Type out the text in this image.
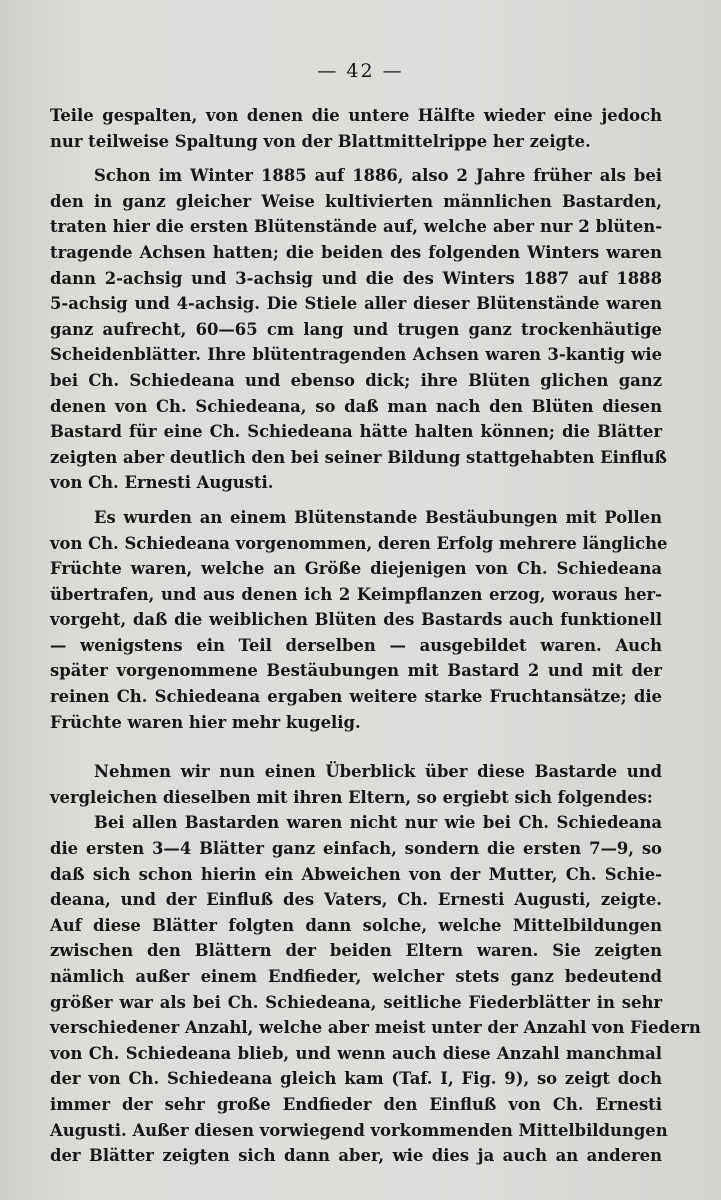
— 42 —
Teile gespalten, von denen die untere Hälfte wieder eine jedoch
nur teilweise Spaltung von der Blattmittelrippe her zeigte.
Schon im Winter 1885 auf 1886, also 2 Jahre früher als bei
den in ganz gleicher Weise kultivierten männlichen Bastarden,
traten hier die ersten Blütenstände auf, welche aber nur 2 blüten-
tragende Achsen hatten; die beiden des folgenden Winters waren
dann 2-achsig und 3-achsig und die des Winters 1887 auf 1888
5-achsig und 4-achsig. Die Stiele aller dieser Blütenstände waren
ganz aufrecht, 60—65 cm lang und trugen ganz trockenhäutige
Scheidenblätter. Ihre blütentragenden Achsen waren 3-kantig wie
bei Ch. Schiedeana und ebenso dick; ihre Blüten glichen ganz
denen von Ch. Schiedeana, so daß man nach den Blüten diesen
Bastard für eine Ch. Schiedeana hätte halten können; die Blätter
zeigten aber deutlich den bei seiner Bildung stattgehabten Einfluß
von Ch. Ernesti Augusti.
Es wurden an einem Blütenstande Bestäubungen mit Pollen
von Ch. Schiedeana vorgenommen, deren Erfolg mehrere längliche
Früchte waren, welche an Größe diejenigen von Ch. Schiedeana
übertrafen, und aus denen ich 2 Keimpflanzen erzog, woraus her-
vorgeht, daß die weiblichen Blüten des Bastards auch funktionell
— wenigstens ein Teil derselben — ausgebildet waren. Auch
später vorgenommene Bestäubungen mit Bastard 2 und mit der
reinen Ch. Schiedeana ergaben weitere starke Fruchtansätze; die
Früchte waren hier mehr kugelig.
Nehmen wir nun einen Überblick über diese Bastarde und
vergleichen dieselben mit ihren Eltern, so ergiebt sich folgendes:
Bei allen Bastarden waren nicht nur wie bei Ch. Schiedeana
die ersten 3—4 Blätter ganz einfach, sondern die ersten 7—9, so
daß sich schon hierin ein Abweichen von der Mutter, Ch. Schie-
deana, und der Einfluß des Vaters, Ch. Ernesti Augusti, zeigte.
Auf diese Blätter folgten dann solche, welche Mittelbildungen
zwischen den Blättern der beiden Eltern waren. Sie zeigten
nämlich außer einem Endfieder, welcher stets ganz bedeutend
größer war als bei Ch. Schiedeana, seitliche Fiederblätter in sehr
verschiedener Anzahl, welche aber meist unter der Anzahl von Fiedern
von Ch. Schiedeana blieb, und wenn auch diese Anzahl manchmal
der von Ch. Schiedeana gleich kam (Taf. I, Fig. 9), so zeigt doch
immer der sehr große Endfieder den Einfluß von Ch. Ernesti
Augusti. Außer diesen vorwiegend vorkommenden Mittelbildungen
der Blätter zeigten sich dann aber, wie dies ja auch an anderen
